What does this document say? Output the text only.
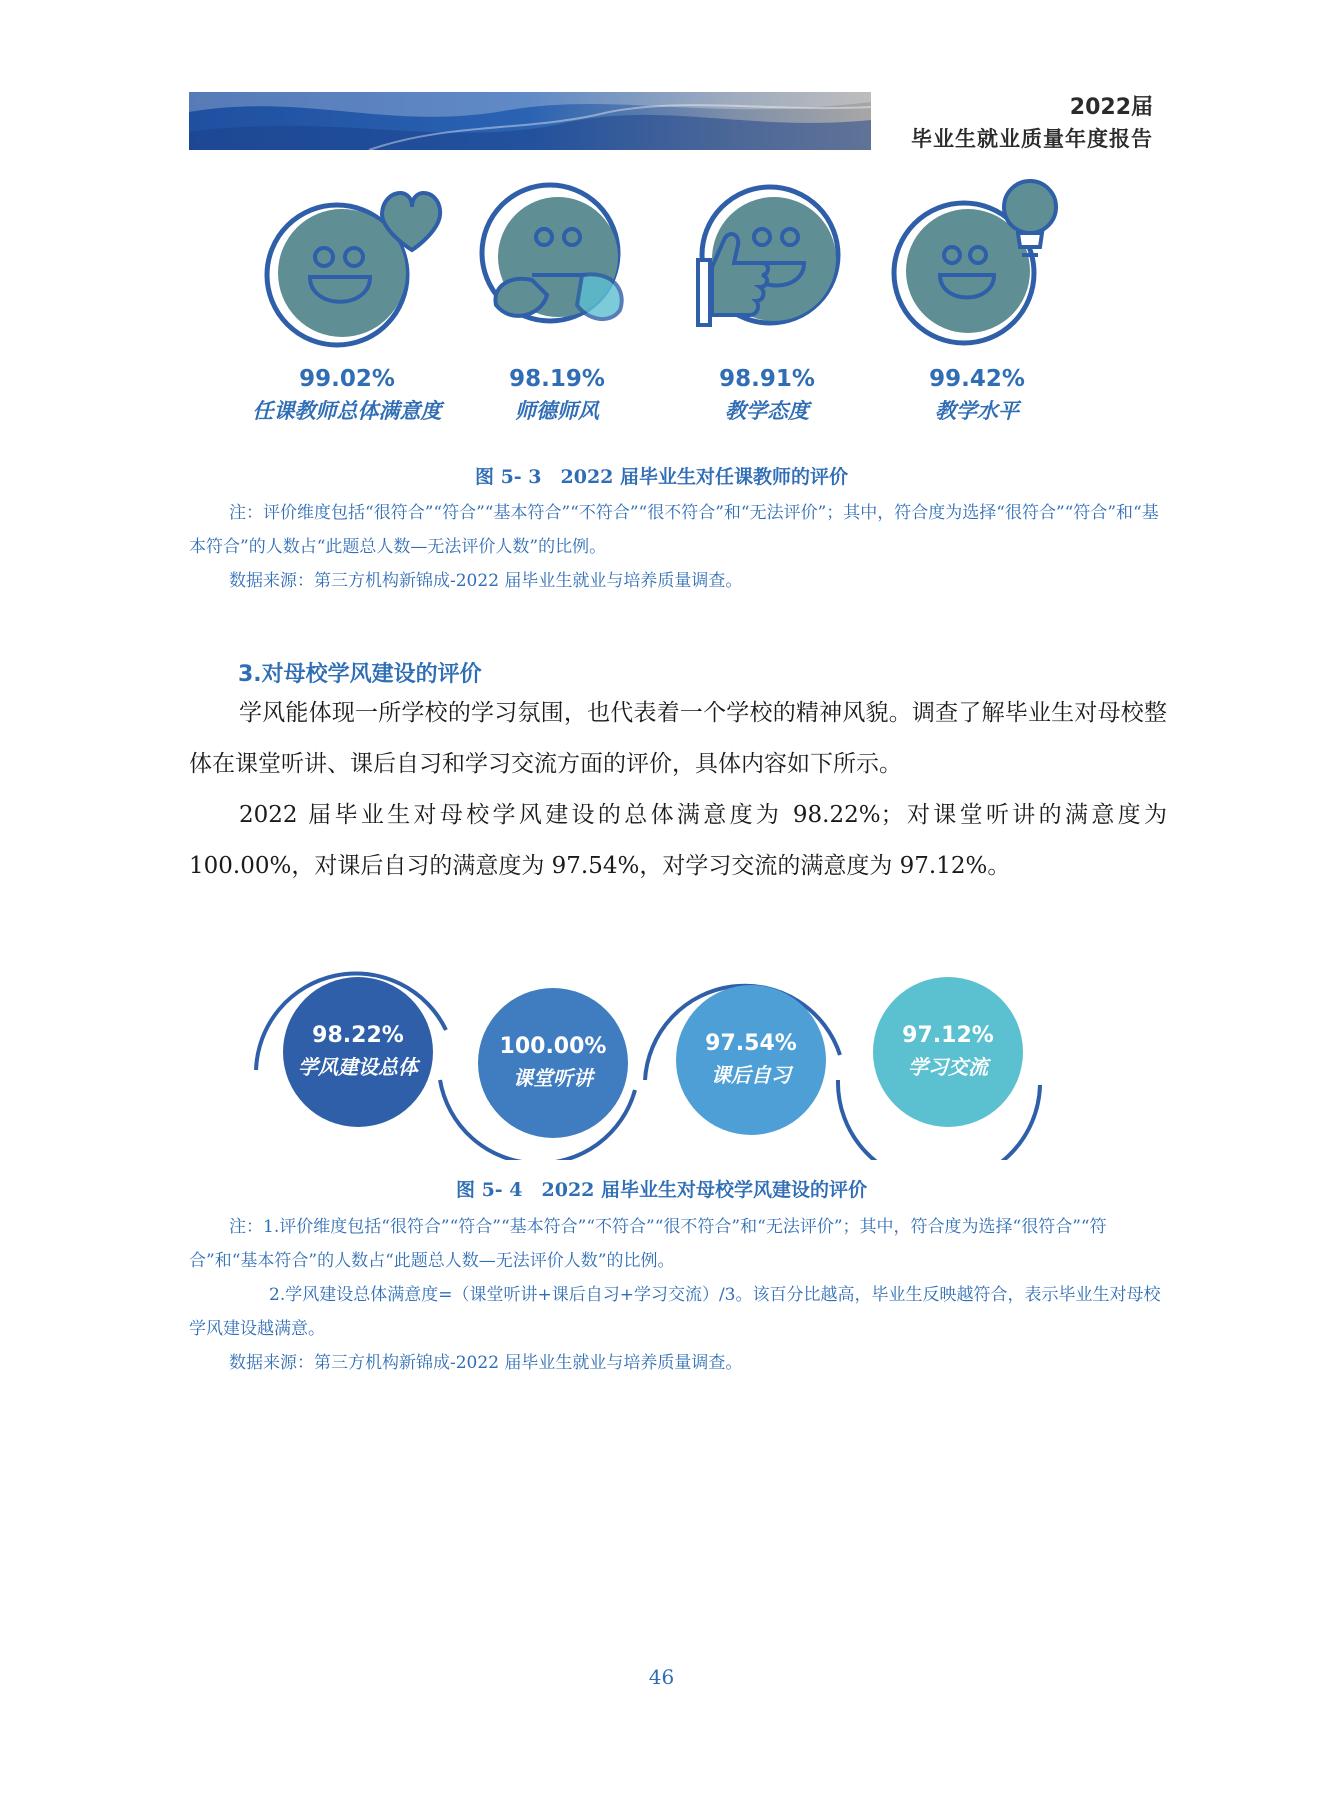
2022届
毕业生就业质量年度报告
99.02%
任课教师总体满意度
98.19%
师德师风
98.91%
教学态度
99.42%
教学水平
图 5- 3　2022 届毕业生对任课教师的评价

注：评价维度包括“很符合”“符合”“基本符合”“不符合”“很不符合”和“无法评价”；其中，符合度为选择“很符合”“符合”和“基本符合”的人数占“此题总人数—无法评价人数”的比例。

数据来源：第三方机构新锦成-2022 届毕业生就业与培养质量调查。

3.对母校学风建设的评价

学风能体现一所学校的学习氛围，也代表着一个学校的精神风貌。调查了解毕业生对母校整体在课堂听讲、课后自习和学习交流方面的评价，具体内容如下所示。

2022 届毕业生对母校学风建设的总体满意度为 98.22%；对课堂听讲的满意度为 100.00%，对课后自习的满意度为 97.54%，对学习交流的满意度为 97.12%。

98.22%
学风建设总体
100.00%
课堂听讲
97.54%
课后自习
97.12%
学习交流
图 5- 4　2022 届毕业生对母校学风建设的评价

注：1.评价维度包括“很符合”“符合”“基本符合”“不符合”“很不符合”和“无法评价”；其中，符合度为选择“很符合”“符合”和“基本符合”的人数占“此题总人数—无法评价人数”的比例。

2.学风建设总体满意度=（课堂听讲+课后自习+学习交流）/3。该百分比越高，毕业生反映越符合，表示毕业生对母校学风建设越满意。

数据来源：第三方机构新锦成-2022 届毕业生就业与培养质量调查。

46
